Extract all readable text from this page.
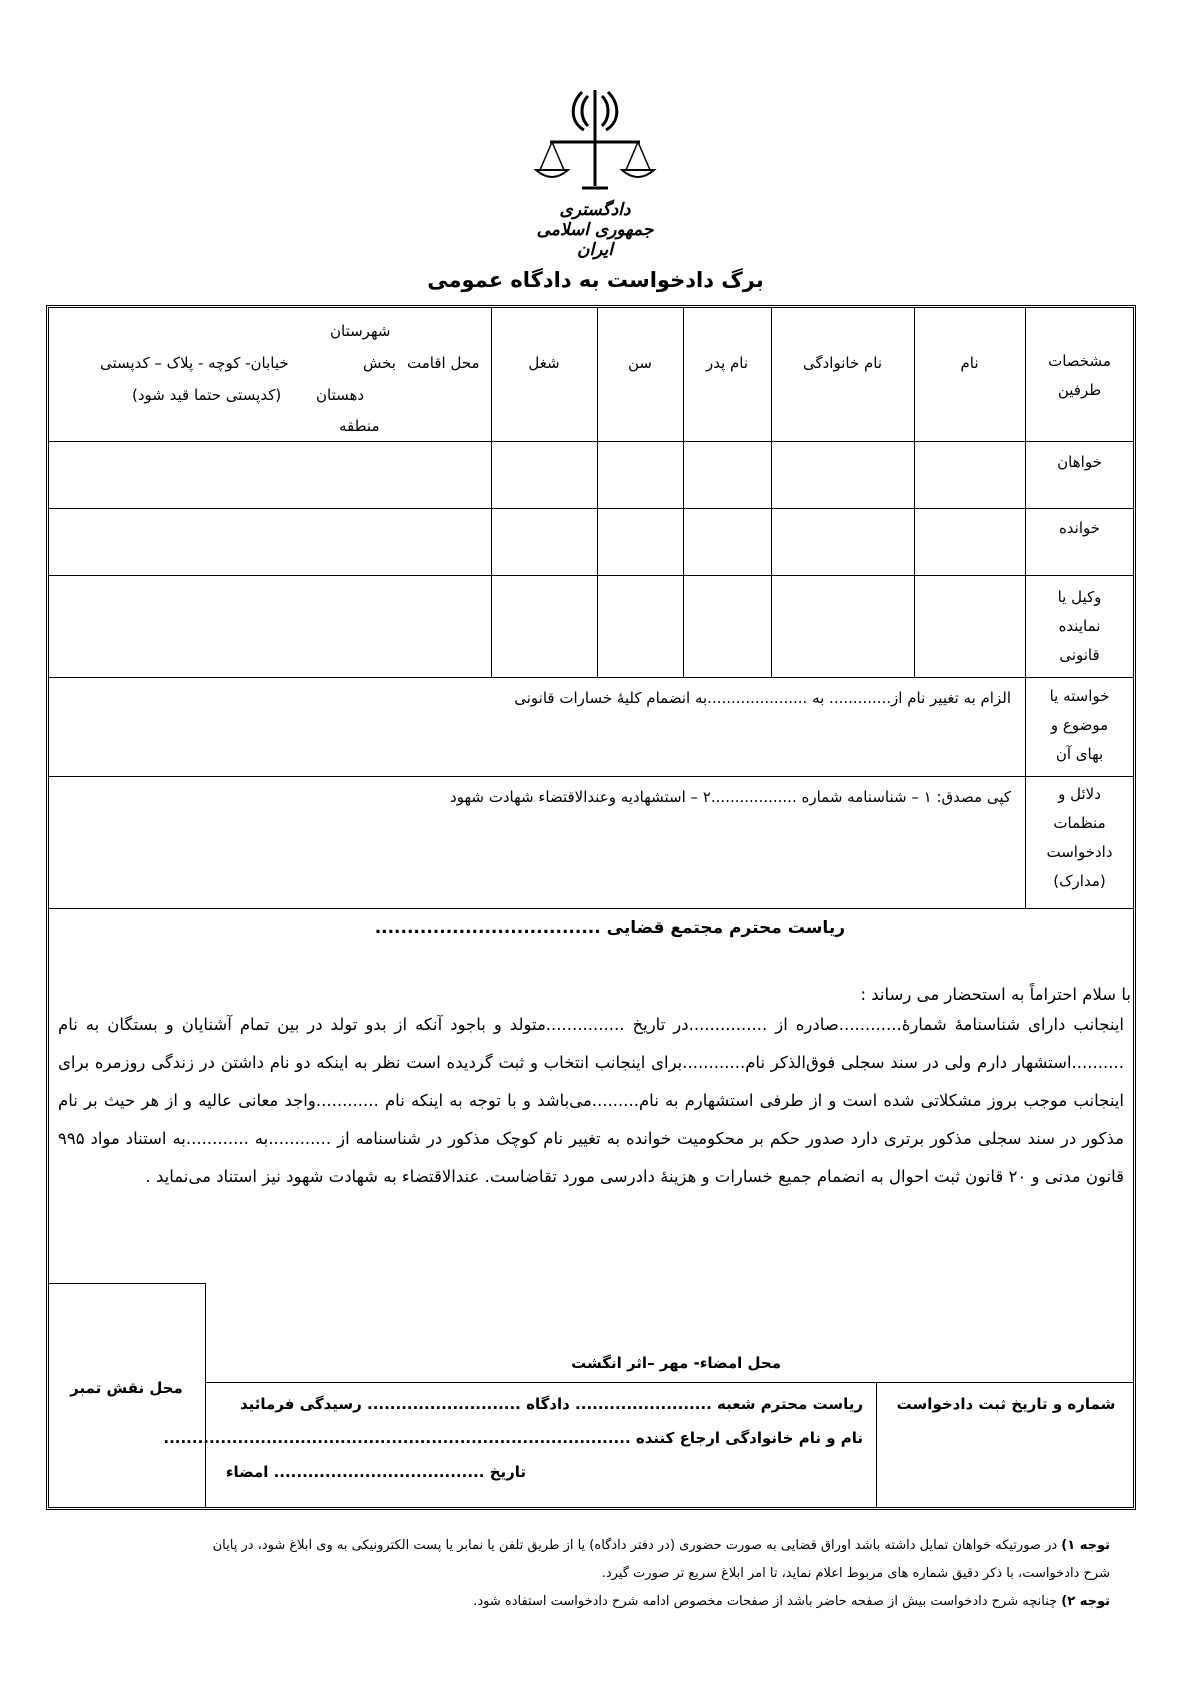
دادگستری جمهوری اسلامی ایران
برگ دادخواست به دادگاه عمومی
مشخصات
طرفین
نام
نام خانوادگی
نام پدر
سن
شغل
شهرستان
محل اقامت
بخش
خیابان- کوچه - پلاک – کدپستی
دهستان
(کدپستی حتما قید شود)
منطقه
خواهان
خوانده
وکیل یا
نماینده
قانونی
خواسته یا
موضوع و
بهای آن
الزام به تغییر نام از............. به .....................به انضمام کلیهٔ خسارات قانونی
دلائل و
منظمات
دادخواست
(مدارک)
کپی مصدق: ۱ – شناسنامه شماره ..................۲ – استشهادیه وعندالاقتضاء شهادت شهود
ریاست محترم مجتمع قضایی ...................................
با سلام احتراماً به استحضار می رساند :

اینجانب دارای شناسنامهٔ شمارهٔ............صادره از ...............در تاریخ ...............متولد و باجود آنکه از بدو تولد در بین تمام آشنایان و بستگان به نام ..........استشهار دارم ولی در سند سجلی فوق‌الذکر نام............برای اینجانب انتخاب و ثبت گردیده است نظر به اینکه دو نام داشتن در زندگی روزمره برای اینجانب موجب بروز مشکلاتی شده است و از طرفی استشهارم به نام.........می‌باشد و با توجه به اینکه نام ............واجد معانی عالیه و از هر حیث بر نام مذکور در سند سجلی مذکور برتری دارد صدور حکم بر محکومیت خوانده به تغییر نام کوچک مذکور در شناسنامه از ............به ............به استناد مواد ۹۹۵ قانون مدنی و ۲۰ قانون ثبت احوال به انضمام جمیع خسارات و هزینهٔ دادرسی مورد تقاضاست. عندالاقتضاء به شهادت شهود نیز استناد می‌نماید .

محل نقش تمبر
محل امضاء- مهر –اثر انگشت
شماره و تاریخ ثبت دادخواست
ریاست محترم شعبه ........................ دادگاه ........................... رسیدگی فرمائید
نام و نام خانوادگی ارجاع کننده ..................................................................................
تاریخ ..................................... امضاء
توجه ۱) در صورتیکه خواهان تمایل داشته باشد اوراق قضایی به صورت حضوری (در دفتر دادگاه) یا از طریق تلفن یا نمابر یا پست الکترونیکی به وی ابلاغ شود، در پایان
شرح دادخواست، با ذکر دقیق شماره های مربوط اعلام نماید، تا امر ابلاغ سریع تر صورت گیرد.
توجه ۲) چنانچه شرح دادخواست بیش از صفحه حاضر باشد از صفحات مخصوص ادامه شرح دادخواست استفاده شود.
